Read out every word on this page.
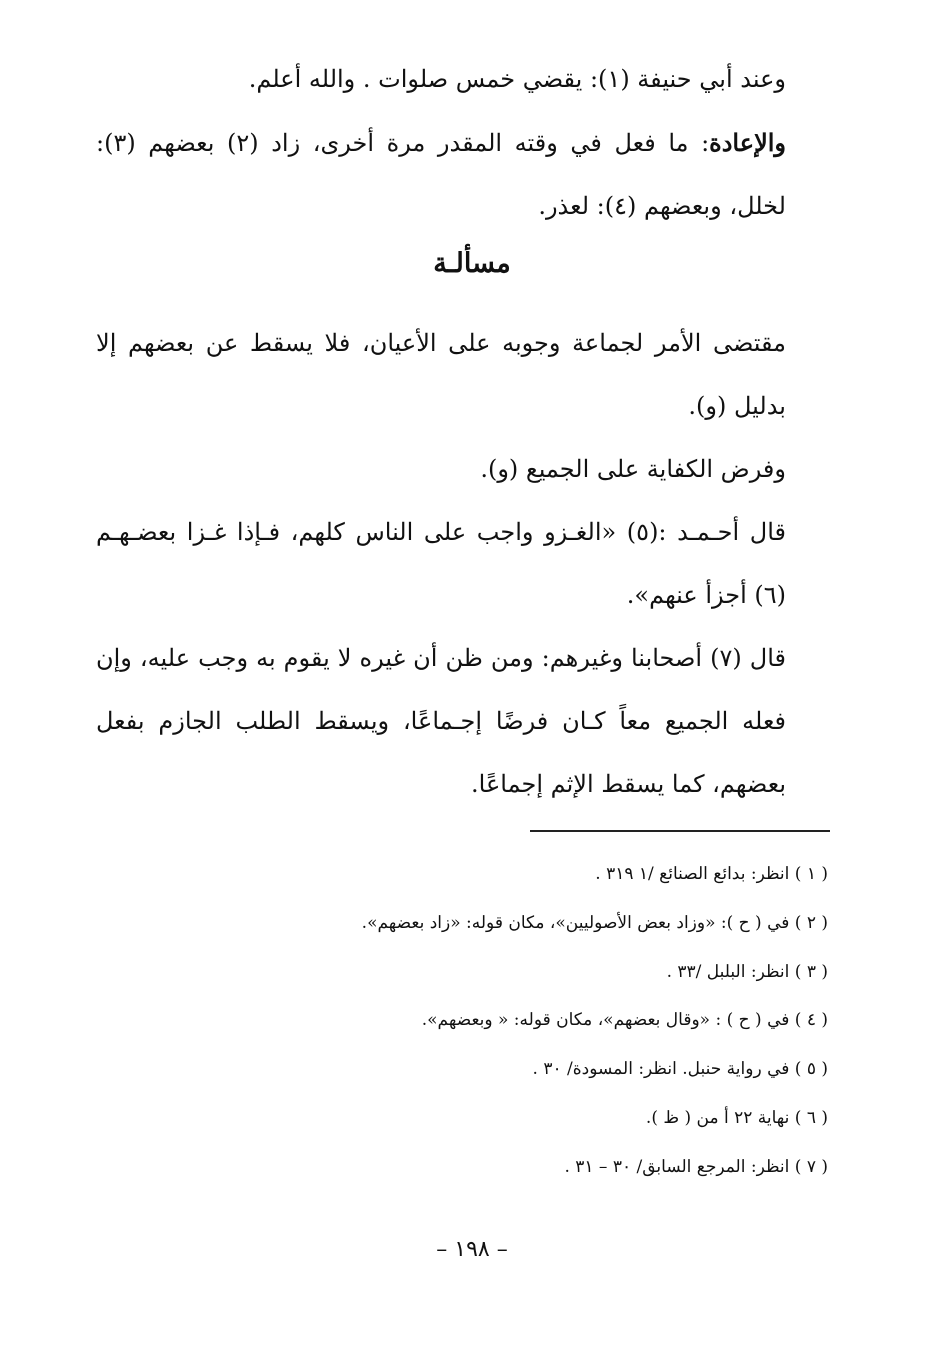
وعند أبي حنيفة (١): يقضي خمس صلوات . والله أعلم.

والإعادة: ما فعل في وقته المقدر مرة أخرى، زاد (٢) بعضهم (٣): لخلل، وبعضهم (٤): لعذر.

مسألـة

مقتضى الأمر لجماعة وجوبه على الأعيان، فلا يسقط عن بعضهم إلا بدليل (و).

وفرض الكفاية على الجميع (و).

قال أحـمـد :(٥) «الغـزو واجب على الناس كلهم، فـإذا غـزا بعضـهـم (٦) أجزأ عنهم».

قال (٧) أصحابنا وغيرهم: ومن ظن أن غيره لا يقوم به وجب عليه، وإن فعله الجميع معاً كـان فرضًا إجـماعًا، ويسقط الطلب الجازم بفعل بعضهم، كما يسقط الإثم إجماعًا.

( ١ ) انظر: بدائع الصنائع /١ ٣١٩ .
( ٢ ) في ( ح ): «وزاد بعض الأصوليين»، مكان قوله: «زاد بعضهم».
( ٣ ) انظر: البلبل /٣٣ .
( ٤ ) في ( ح ) : «وقال بعضهم»، مكان قوله: « وبعضهم».
( ٥ ) في رواية حنبل. انظر: المسودة/ ٣٠ .
( ٦ ) نهاية ٢٢ أ من ( ظ ).
( ٧ ) انظر: المرجع السابق/ ٣٠ – ٣١ .
– ١٩٨ –
